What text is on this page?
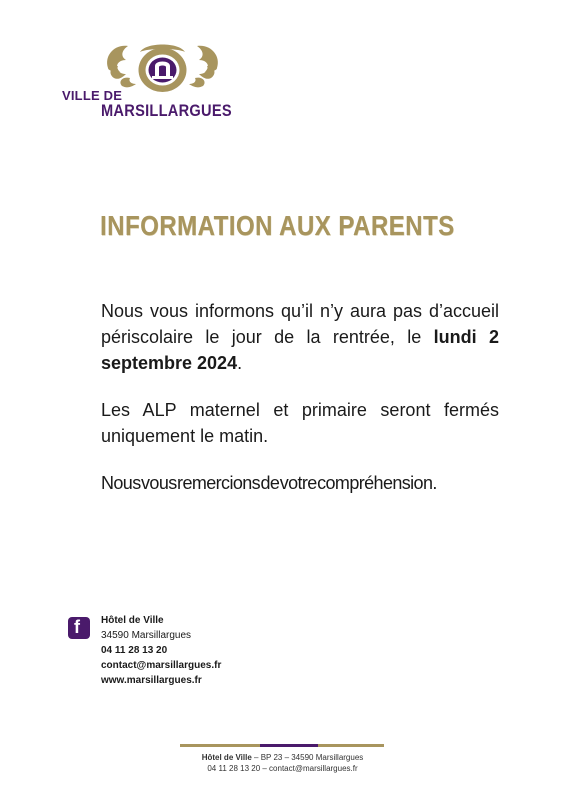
VILLE DE
MARSILLARGUES
INFORMATION AUX PARENTS

Nous vous informons qu’il n’y aura pas d’accueil périscolaire le jour de la rentrée, le lundi 2 septembre 2024.

Les ALP maternel et primaire seront fermés uniquement le matin.

Nous vous remercions de votre compréhension.

f Hôtel de Ville
34590 Marsillargues
04 11 28 13 20
contact@marsillargues.fr
www.marsillargues.fr
Hôtel de Ville – BP 23 – 34590 Marsillargues
04 11 28 13 20 – contact@marsillargues.fr
